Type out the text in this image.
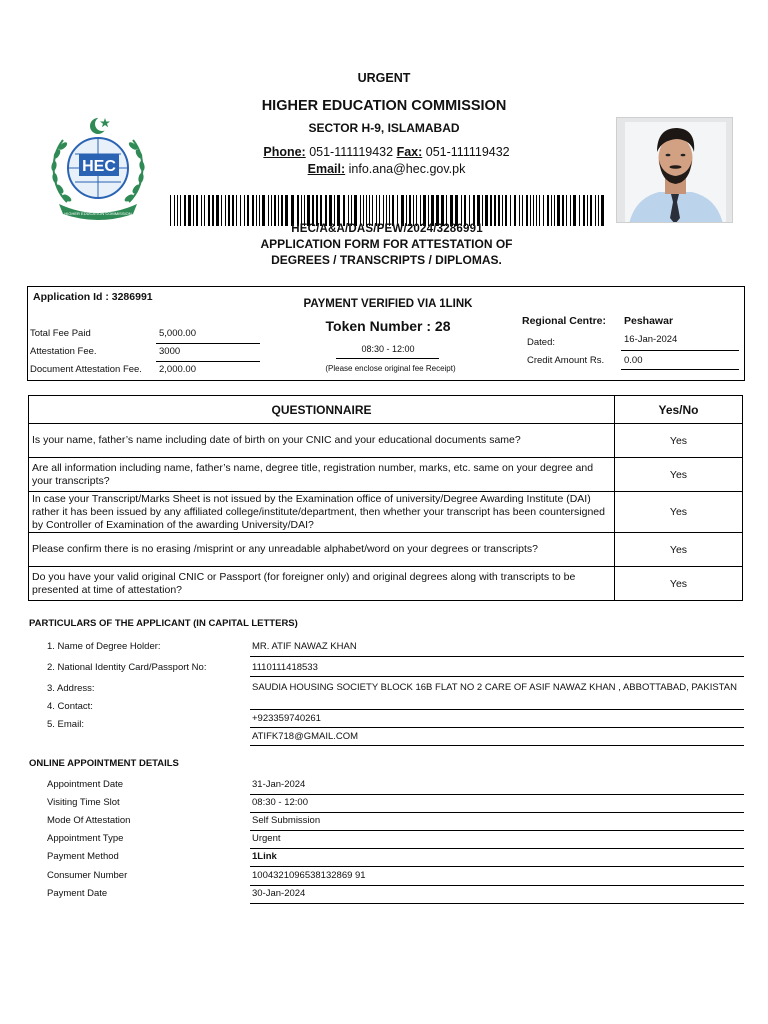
URGENT
HIGHER EDUCATION COMMISSION
SECTOR H-9, ISLAMABAD
Phone: 051-111119432 Fax: 051-111119432
Email: info.ana@hec.gov.pk
HEC
HIGHER EDUCATION COMMISSION
HEC/A&A/DAS/PEW/2024/3286991
APPLICATION FORM FOR ATTESTATION OF
DEGREES / TRANSCRIPTS / DIPLOMAS.
Application Id : 3286991
Total Fee Paid	5,000.00
Attestation Fee.	3000
Document Attestation Fee. 2,000.00
PAYMENT VERIFIED VIA 1LINK
Token Number : 28
08:30 - 12:00
(Please enclose original fee Receipt)
Regional Centre: Peshawar
Dated:	16-Jan-2024
Credit Amount Rs. 0.00
QUESTIONNAIRE	Yes/No
Is your name, father’s name including date of birth on your CNIC and your educational documents same?	Yes
Are all information including name, father’s name, degree title, registration number, marks, etc. same on your degree and your transcripts?	Yes
In case your Transcript/Marks Sheet is not issued by the Examination office of university/Degree Awarding Institute (DAI) rather it has been issued by any affiliated college/institute/department, then whether your transcript has been countersigned by Controller of Examination of the awarding University/DAI?	Yes
Please confirm there is no erasing /misprint or any unreadable alphabet/word on your degrees or transcripts?	Yes
Do you have your valid original CNIC or Passport (for foreigner only) and original degrees along with transcripts to be presented at time of attestation?	Yes
PARTICULARS OF THE APPLICANT (IN CAPITAL LETTERS)
1. Name of Degree Holder:	MR. ATIF NAWAZ KHAN
2. National Identity Card/Passport No:	1110111418533
3. Address:	SAUDIA HOUSING SOCIETY BLOCK 16B FLAT NO 2 CARE OF ASIF NAWAZ KHAN , ABBOTTABAD, PAKISTAN
4. Contact:
+923359740261
5. Email:
ATIFK718@GMAIL.COM
ONLINE APPOINTMENT DETAILS
Appointment Date	31-Jan-2024
Visiting Time Slot	08:30 - 12:00
Mode Of Attestation	Self Submission
Appointment Type	Urgent
Payment Method	1Link
Consumer Number	1004321096538132869 91
Payment Date	30-Jan-2024
